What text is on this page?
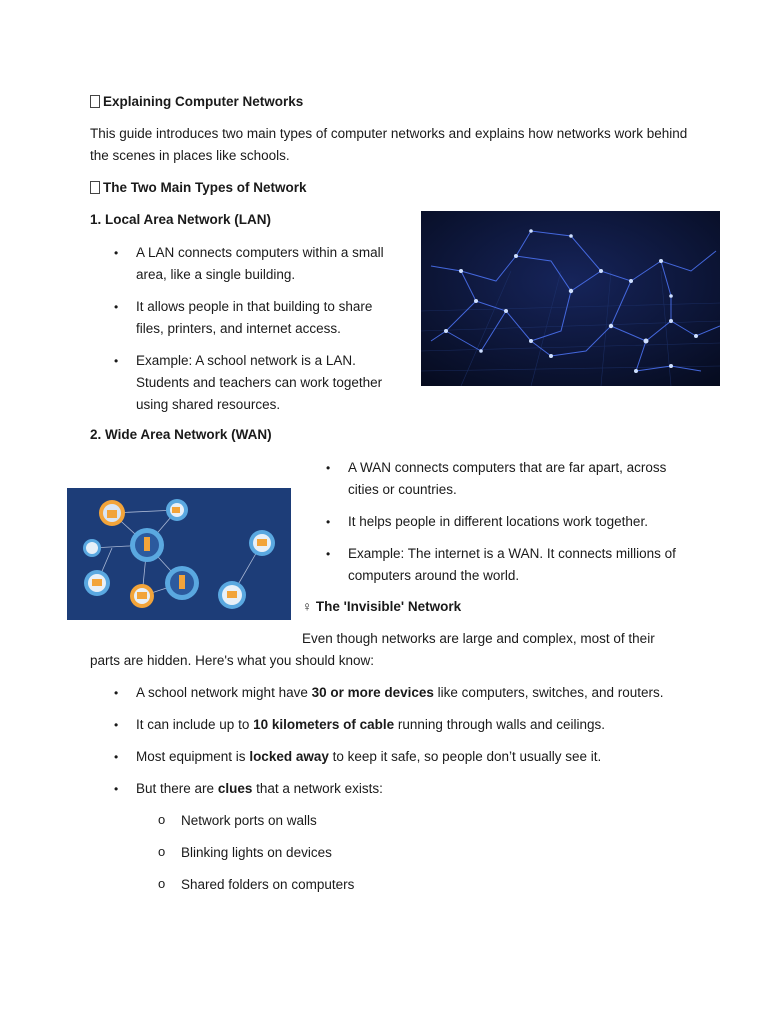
Explaining Computer Networks
This guide introduces two main types of computer networks and explains how networks work behind the scenes in places like schools.
The Two Main Types of Network
1. Local Area Network (LAN)
• A LAN connects computers within a small area, like a single building.
• It allows people in that building to share files, printers, and internet access.
• Example: A school network is a LAN. Students and teachers can work together using shared resources.
2. Wide Area Network (WAN)
• A WAN connects computers that are far apart, across cities or countries.
• It helps people in different locations work together.
• Example: The internet is a WAN. It connects millions of computers around the world.
♀ The 'Invisible' Network
Even though networks are large and complex, most of their
parts are hidden. Here's what you should know:
• A school network might have 30 or more devices like computers, switches, and routers.
• It can include up to 10 kilometers of cable running through walls and ceilings.
• Most equipment is locked away to keep it safe, so people don’t usually see it.
• But there are clues that a network exists:
o Network ports on walls
o Blinking lights on devices
o Shared folders on computers
